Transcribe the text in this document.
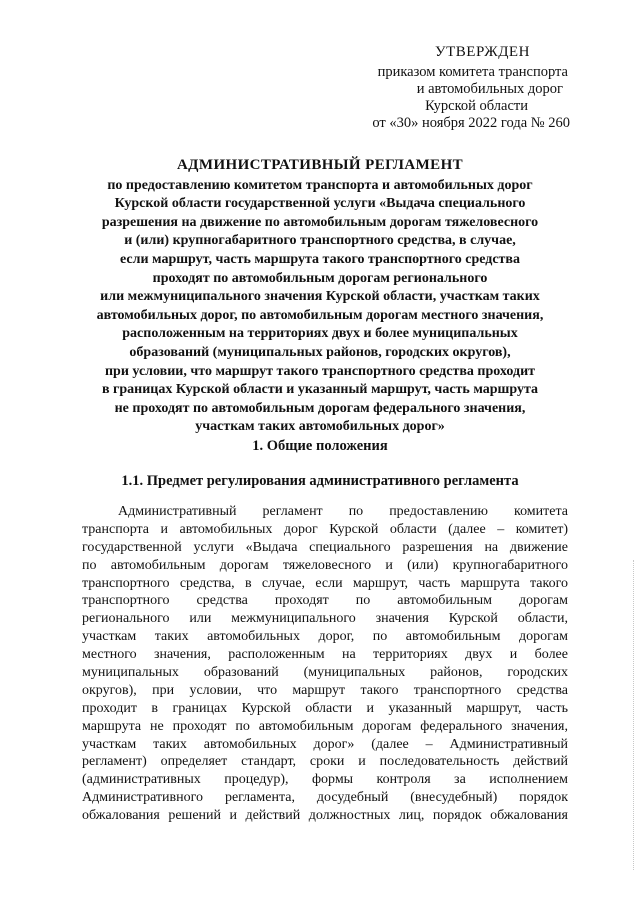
УТВЕРЖДЕН
приказом комитета транспорта
и автомобильных дорог
Курской области
от «30» ноября 2022 года № 260
АДМИНИСТРАТИВНЫЙ РЕГЛАМЕНТ
по предоставлению комитетом транспорта и автомобильных дорог
Курской области государственной услуги «Выдача специального
разрешения на движение по автомобильным дорогам тяжеловесного
и (или) крупногабаритного транспортного средства, в случае,
если маршрут, часть маршрута такого транспортного средства
проходят по автомобильным дорогам регионального
или межмуниципального значения Курской области, участкам таких
автомобильных дорог, по автомобильным дорогам местного значения,
расположенным на территориях двух и более муниципальных
образований (муниципальных районов, городских округов),
при условии, что маршрут такого транспортного средства проходит
в границах Курской области и указанный маршрут, часть маршрута
не проходят по автомобильным дорогам федерального значения,
участкам таких автомобильных дорог»
1. Общие положения
1.1. Предмет регулирования административного регламента
Административный регламент по предоставлению комитета
транспорта и автомобильных дорог Курской области (далее – комитет)
государственной услуги «Выдача специального разрешения на движение
по автомобильным дорогам тяжеловесного и (или) крупногабаритного
транспортного средства, в случае, если маршрут, часть маршрута такого
транспортного средства проходят по автомобильным дорогам
регионального или межмуниципального значения Курской области,
участкам таких автомобильных дорог, по автомобильным дорогам
местного значения, расположенным на территориях двух и более
муниципальных образований (муниципальных районов, городских
округов), при условии, что маршрут такого транспортного средства
проходит в границах Курской области и указанный маршрут, часть
маршрута не проходят по автомобильным дорогам федерального значения,
участкам таких автомобильных дорог» (далее – Административный
регламент) определяет стандарт, сроки и последовательность действий
(административных процедур), формы контроля за исполнением
Административного регламента, досудебный (внесудебный) порядок
обжалования решений и действий должностных лиц, порядок обжалования
